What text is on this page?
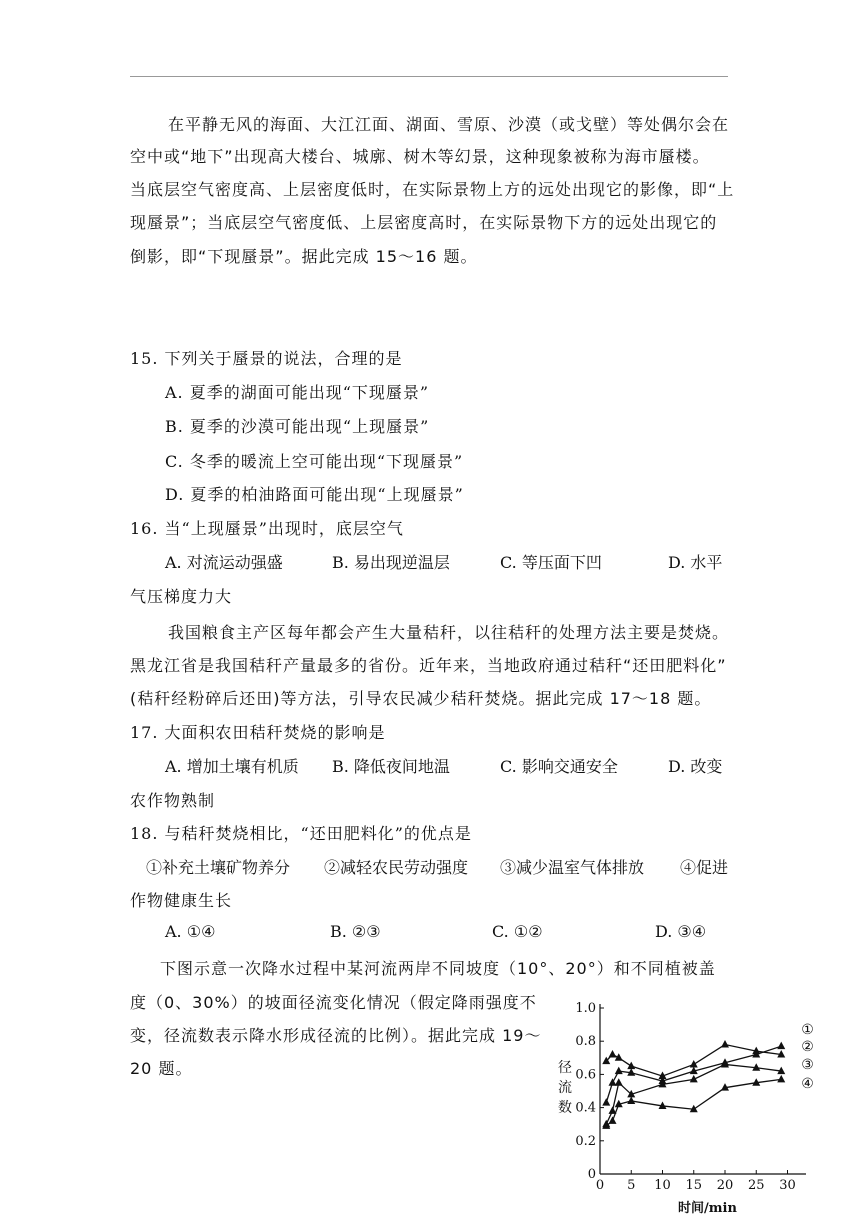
在平静无风的海面、大江江面、湖面、雪原、沙漠（或戈壁）等处偶尔会在
空中或“地下”出现高大楼台、城廓、树木等幻景，这种现象被称为海市蜃楼。
当底层空气密度高、上层密度低时，在实际景物上方的远处出现它的影像，即“上
现蜃景”；当底层空气密度低、上层密度高时，在实际景物下方的远处出现它的
倒影，即“下现蜃景”。据此完成 15～16 题。
15. 下列关于蜃景的说法，合理的是
A. 夏季的湖面可能出现“下现蜃景”
B. 夏季的沙漠可能出现“上现蜃景”
C. 冬季的暖流上空可能出现“下现蜃景”
D. 夏季的柏油路面可能出现“上现蜃景”
16. 当“上现蜃景”出现时，底层空气
A. 对流运动强盛	B. 易出现逆温层	C. 等压面下凹	D. 水平
气压梯度力大
我国粮食主产区每年都会产生大量秸秆，以往秸秆的处理方法主要是焚烧。
黑龙江省是我国秸秆产量最多的省份。近年来，当地政府通过秸秆“还田肥料化”
(秸秆经粉碎后还田)等方法，引导农民减少秸秆焚烧。据此完成 17～18 题。
17. 大面积农田秸秆焚烧的影响是
A. 增加土壤有机质 B. 降低夜间地温	C. 影响交通安全	D. 改变
农作物熟制
18. 与秸秆焚烧相比，“还田肥料化”的优点是
①补充土壤矿物养分 ②减轻农民劳动强度 ③减少温室气体排放 ④促进
作物健康生长
A. ①④	B. ②③	C. ①②	D. ③④
下图示意一次降水过程中某河流两岸不同坡度（10°、20°）和不同植被盖
度（0、30%）的坡面径流变化情况（假定降雨强度不
变，径流数表示降水形成径流的比例）。据此完成 19～
20 题。
0
0.2
0.4
0.6
0.8
1.0
0 5 10 15 20 25 30
①
②
③
④
径流数
时间/min
